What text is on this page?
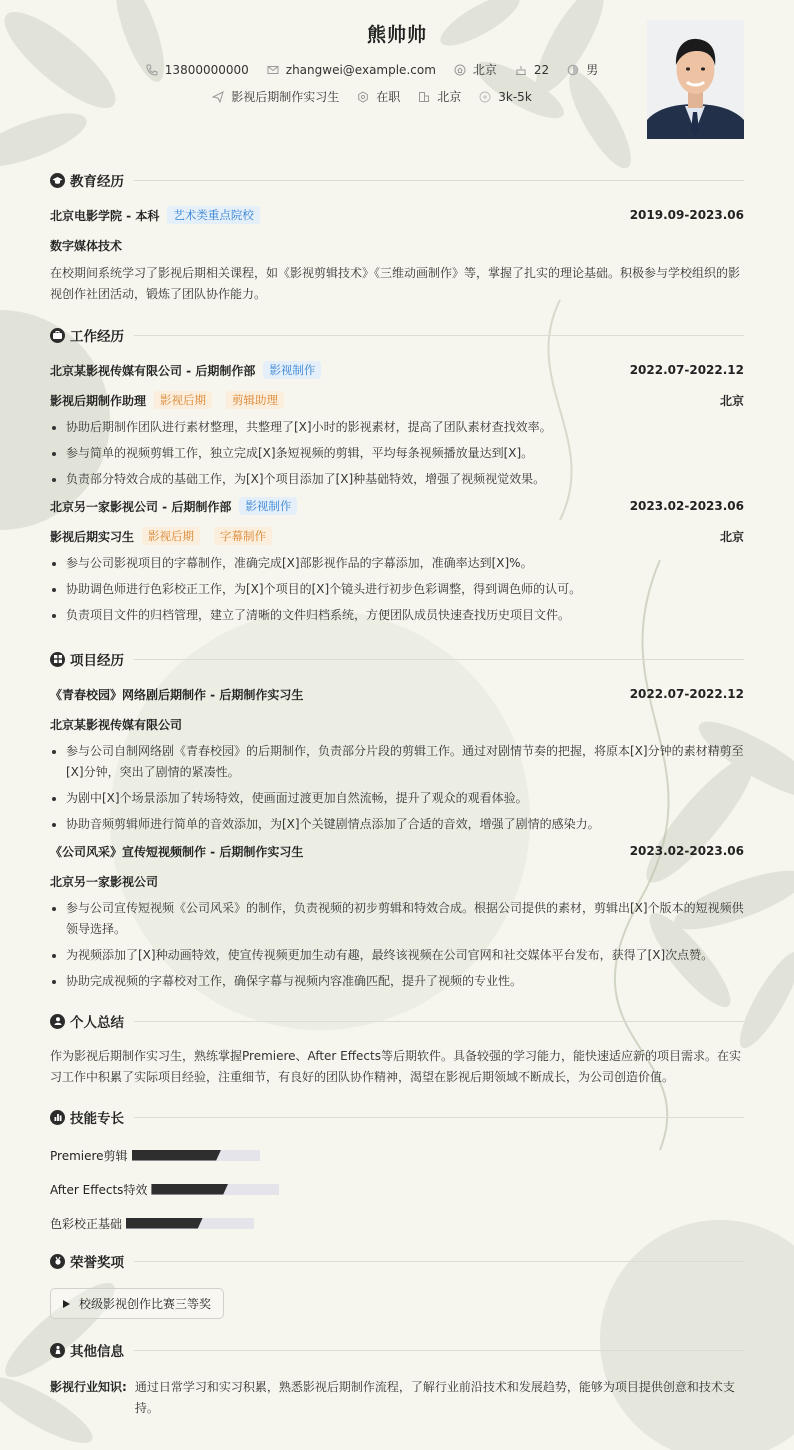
熊帅帅
13800000000	zhangwei@example.com	北京	22	男
影视后期制作实习生	在职	北京	3k-5k
教育经历
北京电影学院 - 本科	艺术类重点院校	2019.09-2023.06
数字媒体技术
在校期间系统学习了影视后期相关课程，如《影视剪辑技术》《三维动画制作》等，掌握了扎实的理论基础。积极参与学校组织的影视创作社团活动，锻炼了团队协作能力。
工作经历
北京某影视传媒有限公司 - 后期制作部	影视制作	2022.07-2022.12
影视后期制作助理	影视后期	剪辑助理	北京
协助后期制作团队进行素材整理，共整理了[X]小时的影视素材，提高了团队素材查找效率。
参与简单的视频剪辑工作，独立完成[X]条短视频的剪辑，平均每条视频播放量达到[X]。
负责部分特效合成的基础工作，为[X]个项目添加了[X]种基础特效，增强了视频视觉效果。
北京另一家影视公司 - 后期制作部	影视制作	2023.02-2023.06
影视后期实习生	影视后期	字幕制作	北京
参与公司影视项目的字幕制作，准确完成[X]部影视作品的字幕添加，准确率达到[X]%。
协助调色师进行色彩校正工作，为[X]个项目的[X]个镜头进行初步色彩调整，得到调色师的认可。
负责项目文件的归档管理，建立了清晰的文件归档系统，方便团队成员快速查找历史项目文件。
项目经历
《青春校园》网络剧后期制作 - 后期制作实习生	2022.07-2022.12
北京某影视传媒有限公司
参与公司自制网络剧《青春校园》的后期制作，负责部分片段的剪辑工作。通过对剧情节奏的把握，将原本[X]分钟的素材精剪至[X]分钟，突出了剧情的紧凑性。
为剧中[X]个场景添加了转场特效，使画面过渡更加自然流畅，提升了观众的观看体验。
协助音频剪辑师进行简单的音效添加，为[X]个关键剧情点添加了合适的音效，增强了剧情的感染力。
《公司风采》宣传短视频制作 - 后期制作实习生	2023.02-2023.06
北京另一家影视公司
参与公司宣传短视频《公司风采》的制作，负责视频的初步剪辑和特效合成。根据公司提供的素材，剪辑出[X]个版本的短视频供领导选择。
为视频添加了[X]种动画特效，使宣传视频更加生动有趣，最终该视频在公司官网和社交媒体平台发布，获得了[X]次点赞。
协助完成视频的字幕校对工作，确保字幕与视频内容准确匹配，提升了视频的专业性。
个人总结
作为影视后期制作实习生，熟练掌握Premiere、After Effects等后期软件。具备较强的学习能力，能快速适应新的项目需求。在实习工作中积累了实际项目经验，注重细节，有良好的团队协作精神，渴望在影视后期领域不断成长，为公司创造价值。
技能专长
Premiere剪辑
After Effects特效
色彩校正基础
荣誉奖项
校级影视创作比赛三等奖
其他信息
影视行业知识: 通过日常学习和实习积累，熟悉影视后期制作流程，了解行业前沿技术和发展趋势，能够为项目提供创意和技术支持。
